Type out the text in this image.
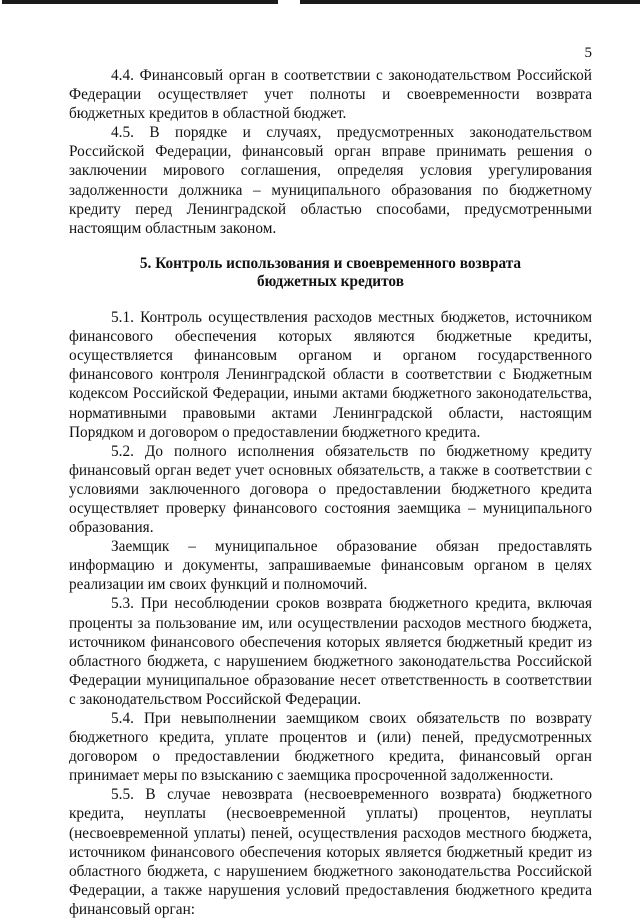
5

4.4. Финансовый орган в соответствии с законодательством Российской Федерации осуществляет учет полноты и своевременности возврата бюджетных кредитов в областной бюджет.

4.5. В порядке и случаях, предусмотренных законодательством Российской Федерации, финансовый орган вправе принимать решения о заключении мирового соглашения, определяя условия урегулирования задолженности должника – муниципального образования по бюджетному кредиту перед Ленинградской областью способами, предусмотренными настоящим областным законом.

5. Контроль использования и своевременного возврата
бюджетных кредитов

5.1. Контроль осуществления расходов местных бюджетов, источником финансового обеспечения которых являются бюджетные кредиты, осуществляется финансовым органом и органом государственного финансового контроля Ленинградской области в соответствии с Бюджетным кодексом Российской Федерации, иными актами бюджетного законодательства, нормативными правовыми актами Ленинградской области, настоящим Порядком и договором о предоставлении бюджетного кредита.

5.2. До полного исполнения обязательств по бюджетному кредиту финансовый орган ведет учет основных обязательств, а также в соответствии с условиями заключенного договора о предоставлении бюджетного кредита осуществляет проверку финансового состояния заемщика – муниципального образования.

Заемщик – муниципальное образование обязан предоставлять информацию и документы, запрашиваемые финансовым органом в целях реализации им своих функций и полномочий.

5.3. При несоблюдении сроков возврата бюджетного кредита, включая проценты за пользование им, или осуществлении расходов местного бюджета, источником финансового обеспечения которых является бюджетный кредит из областного бюджета, с нарушением бюджетного законодательства Российской Федерации муниципальное образование несет ответственность в соответствии с законодательством Российской Федерации.

5.4. При невыполнении заемщиком своих обязательств по возврату бюджетного кредита, уплате процентов и (или) пеней, предусмотренных договором о предоставлении бюджетного кредита, финансовый орган принимает меры по взысканию с заемщика просроченной задолженности.

5.5. В случае невозврата (несвоевременного возврата) бюджетного кредита, неуплаты (несвоевременной уплаты) процентов, неуплаты (несвоевременной уплаты) пеней, осуществления расходов местного бюджета, источником финансового обеспечения которых является бюджетный кредит из областного бюджета, с нарушением бюджетного законодательства Российской Федерации, а также нарушения условий предоставления бюджетного кредита финансовый орган:
